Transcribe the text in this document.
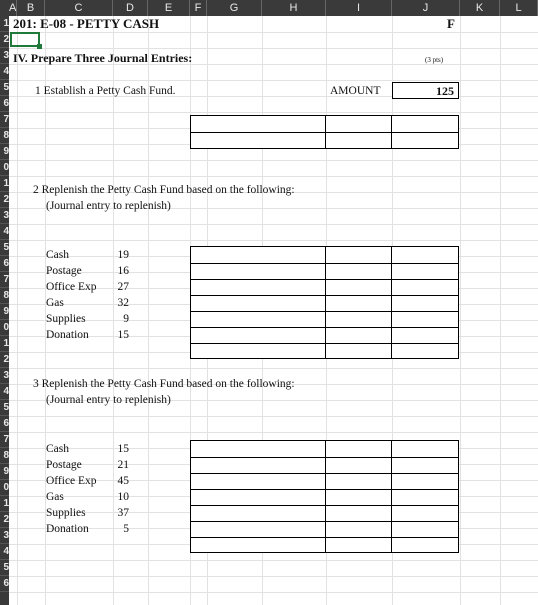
A B	C	D	E	F	G	H	I	J	K	L
1
2
3
4
5
6
7
8
9
0
1
2
3
4
5
6
7
8
9
0
1
2
3
4
5
6
7
8
9
0
1
2
3
4
5
6
201: E-08 - PETTY CASH	F
IV. Prepare Three Journal Entries:	(3 pts)
1 Establish a Petty Cash Fund.	AMOUNT	125
2 Replenish the Petty Cash Fund based on the following:
(Journal entry to replenish)
Cash	19
Postage	16
Office Exp	27
Gas	32
Supplies	9
Donation	15
3 Replenish the Petty Cash Fund based on the following:
(Journal entry to replenish)
Cash	15
Postage	21
Office Exp	45
Gas	10
Supplies	37
Donation	5
